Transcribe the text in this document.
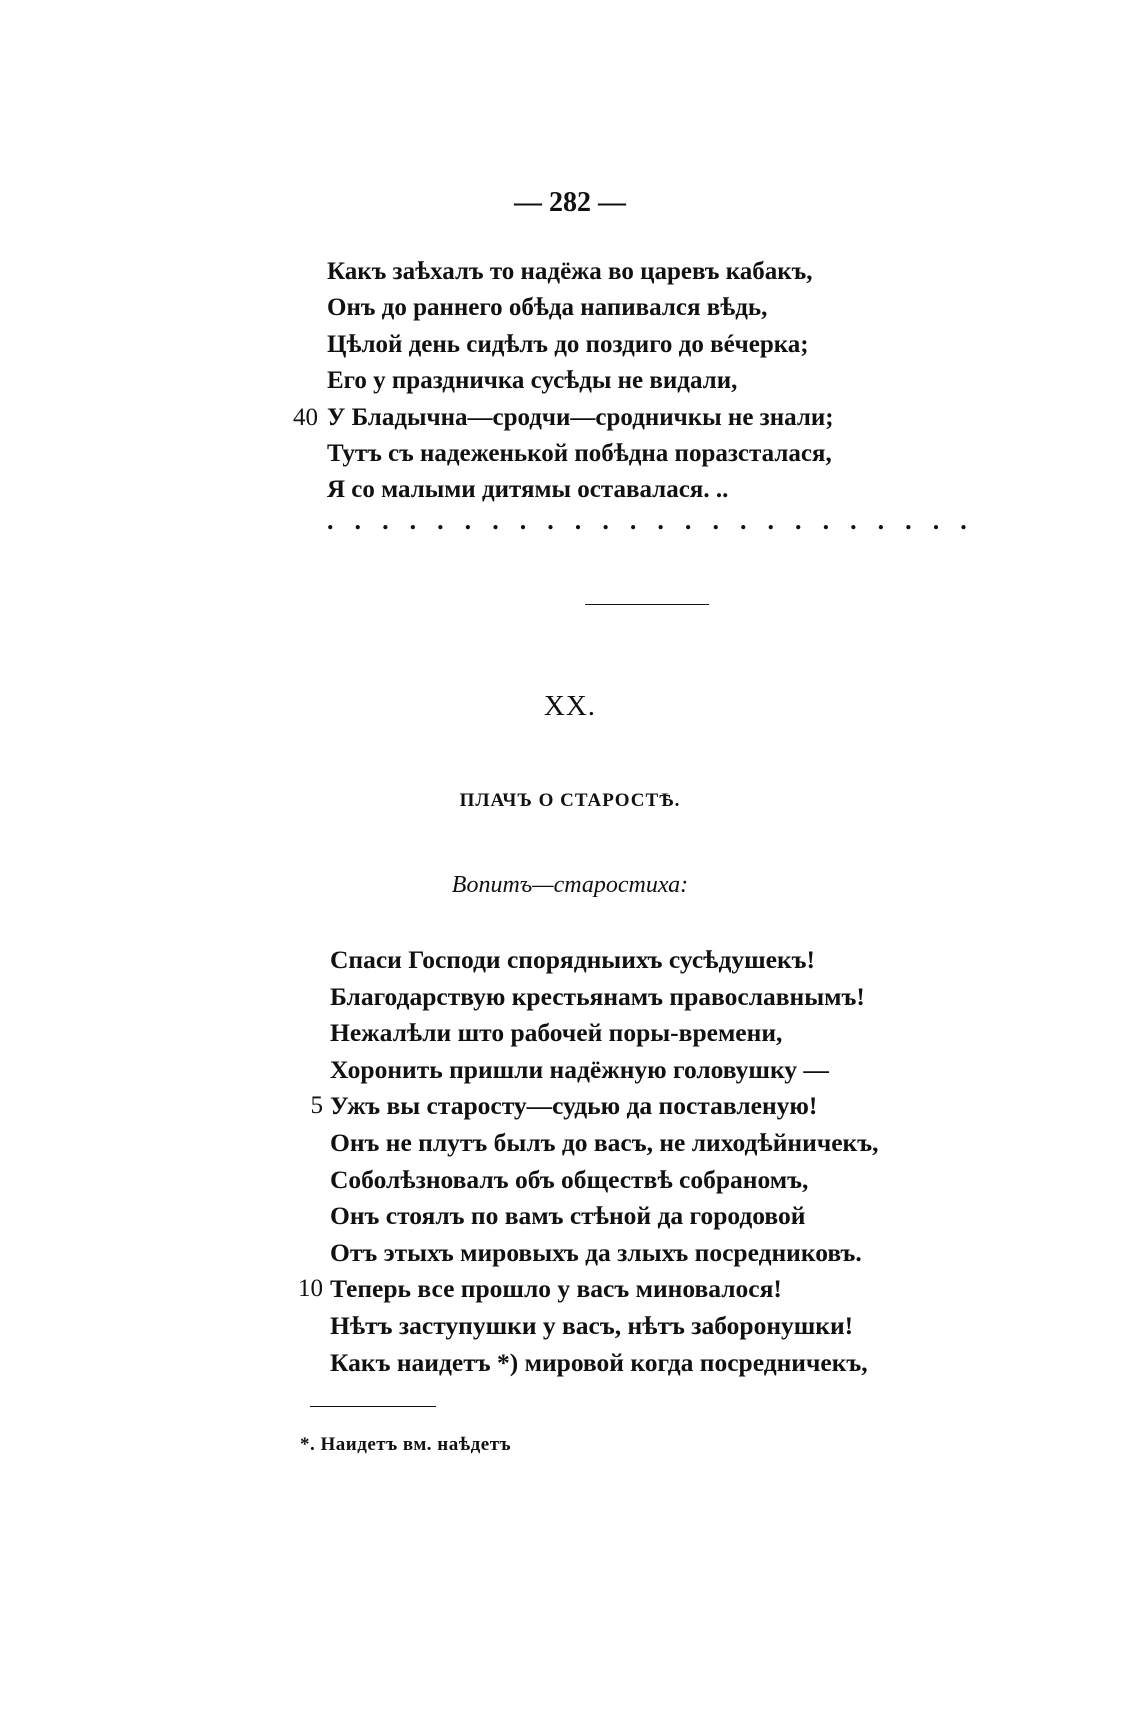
— 282 —
Какъ заѣхалъ то надёжа во царевъ кабакъ,
Онъ до раннего обѣда напивался вѣдь,
Цѣлой день сидѣлъ до поздиго до вéчерка;
Его у праздничка сусѣды не видали,
40 У Бладычна—сродчи—сродничкы не знали;
Тутъ съ надеженькой побѣдна поразсталася,
Я со малыми дитямы оставалася. ..
. . . . . . . . . . . . . . . . . . . . . . . .
XX.
ПЛАЧЪ О СТАРОСТѢ.
Вопитъ—старостиха:
Спаси Господи спорядныихъ сусѣдушекъ!
Благодарствую крестьянамъ православнымъ!
Нежалѣли што рабочей поры-времени,
Хоронить пришли надёжную головушку —
5 Ужъ вы старосту—судью да поставленую!
Онъ не плутъ былъ до васъ, не лиходѣйничекъ,
Соболѣзновалъ объ обществѣ собраномъ,
Онъ стоялъ по вамъ стѣной да городовой
Отъ этыхъ мировыхъ да злыхъ посредниковъ.
10 Теперь все прошло у васъ миновалося!
Нѣтъ заступушки у васъ, нѣтъ заборонушки!
Какъ наидетъ *) мировой когда посредничекъ,
*. Наидетъ вм. наѣдетъ
